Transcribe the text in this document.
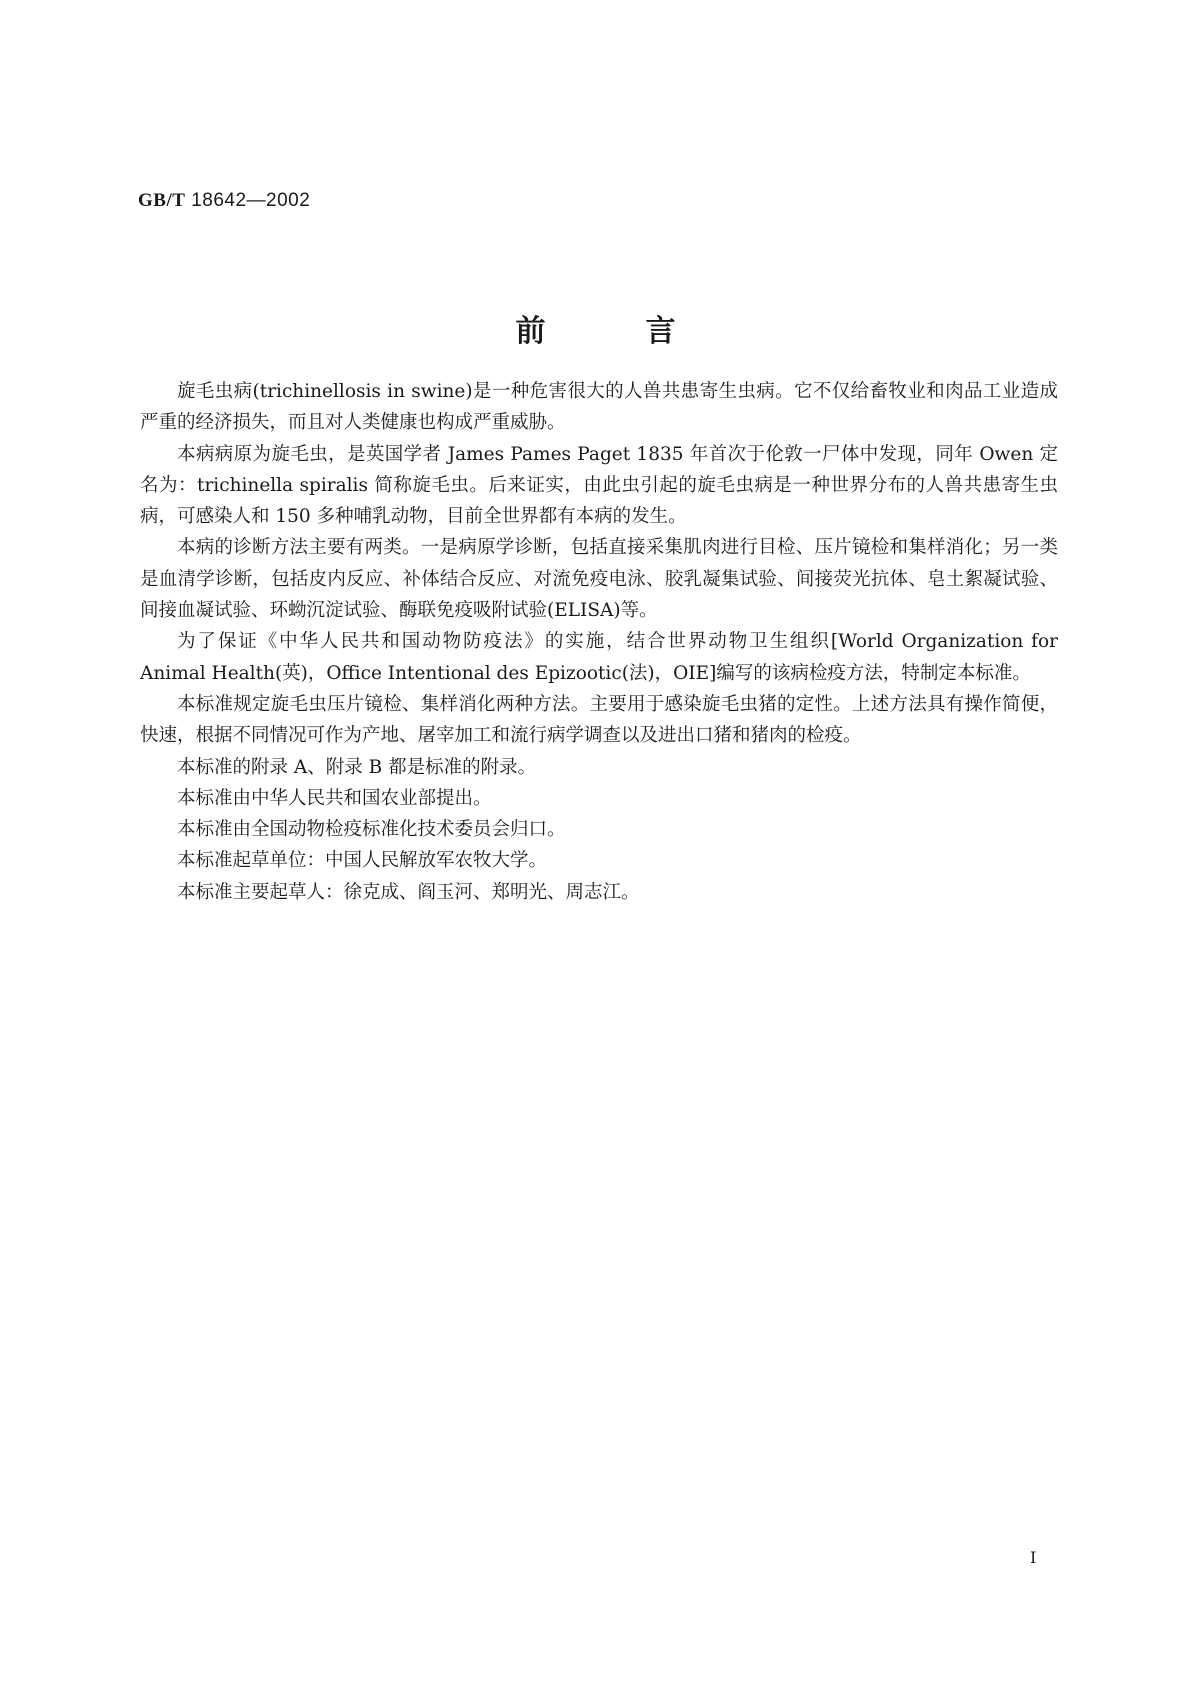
GB/T 18642—2002
前	言

旋毛虫病(trichinellosis in swine)是一种危害很大的人兽共患寄生虫病。它不仅给畜牧业和肉品工业造成严重的经济损失，而且对人类健康也构成严重威胁。

本病病原为旋毛虫，是英国学者 James Pames Paget 1835 年首次于伦敦一尸体中发现，同年 Owen 定名为：trichinella spiralis 简称旋毛虫。后来证实，由此虫引起的旋毛虫病是一种世界分布的人兽共患寄生虫病，可感染人和 150 多种哺乳动物，目前全世界都有本病的发生。

本病的诊断方法主要有两类。一是病原学诊断，包括直接采集肌肉进行目检、压片镜检和集样消化；另一类是血清学诊断，包括皮内反应、补体结合反应、对流免疫电泳、胶乳凝集试验、间接荧光抗体、皂土絮凝试验、间接血凝试验、环蚴沉淀试验、酶联免疫吸附试验(ELISA)等。

为了保证《中华人民共和国动物防疫法》的实施，结合世界动物卫生组织[World Organization for Animal Health(英)，Office Intentional des Epizootic(法)，OIE]编写的该病检疫方法，特制定本标准。

本标准规定旋毛虫压片镜检、集样消化两种方法。主要用于感染旋毛虫猪的定性。上述方法具有操作简便，快速，根据不同情况可作为产地、屠宰加工和流行病学调查以及进出口猪和猪肉的检疫。

本标准的附录 A、附录 B 都是标准的附录。

本标准由中华人民共和国农业部提出。

本标准由全国动物检疫标准化技术委员会归口。

本标准起草单位：中国人民解放军农牧大学。

本标准主要起草人：徐克成、阎玉河、郑明光、周志江。

I
